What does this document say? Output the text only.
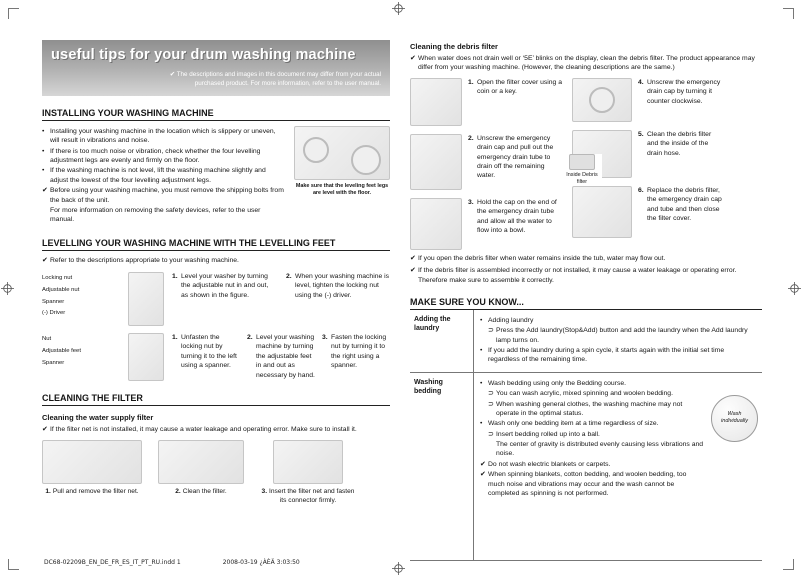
useful tips for your drum washing machine
✔ The descriptions and images in this document may differ from your actual purchased product. For more information, refer to the user manual.
INSTALLING YOUR WASHING MACHINE
• Installing your washing machine in the location which is slippery or uneven, will result in vibrations and noise.
• If there is too much noise or vibration, check whether the four levelling adjustment legs are evenly and firmly on the floor.
• If the washing machine is not level, lift the washing machine slightly and adjust the lowest of the four levelling adjustment legs.
✔ Before using your washing machine, you must remove the shipping bolts from the back of the unit.
For more information on removing the safety devices, refer to the user manual.
Make sure that the leveling feet legs are level with the floor.
LEVELLING YOUR WASHING MACHINE WITH THE LEVELLING FEET
✔ Refer to the descriptions appropriate to your washing machine.
Locking nut
Adjustable nut
Spanner
(-) Driver
1. Level your washer by turning the adjustable nut in and out, as shown in the figure.
2. When your washing machine is level, tighten the locking nut using the (-) driver.
Nut
Adjustable feet
Spanner
1. Unfasten the locking nut by turning it to the left using a spanner.
2. Level your washing machine by turning the adjustable feet in and out as necessary by hand.
3. Fasten the locking nut by turning it to the right using a spanner.
CLEANING THE FILTER
Cleaning the water supply filter
✔ If the filter net is not installed, it may cause a water leakage and operating error. Make sure to install it.
1. Pull and remove the filter net.	2. Clean the filter.	3. Insert the filter net and fasten its connector firmly.
Cleaning the debris filter
✔ When water does not drain well or ‘5E’ blinks on the display, clean the debris filter. The product appearance may differ from your washing machine. (However, the cleaning descriptions are the same.)
1. Open the filter cover using a coin or a key.
2. Unscrew the emergency drain cap and pull out the emergency drain tube to drain off the remaining water.
3. Hold the cap on the end of the emergency drain tube and allow all the water to flow into a bowl.
4. Unscrew the emergency drain cap by turning it counter clockwise.
5. Clean the debris filter and the inside of the drain hose.
6. Replace the debris filter, the emergency drain cap and tube and then close the filter cover.
Inside Debris filter
✔ If you open the debris filter when water remains inside the tub, water may flow out.
✔ If the debris filter is assembled incorrectly or not installed, it may cause a water leakage or operating error. Therefore make sure to assemble it correctly.
MAKE SURE YOU KNOW...
Adding the laundry
• Adding laundry
⊃ Press the Add laundry(Stop&Add) button and add the laundry when the Add laundry lamp turns on.
• If you add the laundry during a spin cycle, it starts again with the initial set time regardless of the remaining time.
Washing bedding
• Wash bedding using only the Bedding course.
⊃ You can wash acrylic, mixed spinning and woolen bedding.
⊃ When washing general clothes, the washing machine may not operate in the optimal status.
• Wash only one bedding item at a time regardless of size.
⊃ Insert bedding rolled up into a ball.
The center of gravity is distributed evenly causing less vibrations and noise.
✔ Do not wash electric blankets or carpets.
✔ When spinning blankets, cotton bedding, and woolen bedding, too much noise and vibrations may occur and the wash cannot be completed as spinning is not performed.
Wash individually
DC68-02209B_EN_DE_FR_ES_IT_PT_RU.indd 1	2008-03-19 ¿ÀÈÄ 3:03:50
